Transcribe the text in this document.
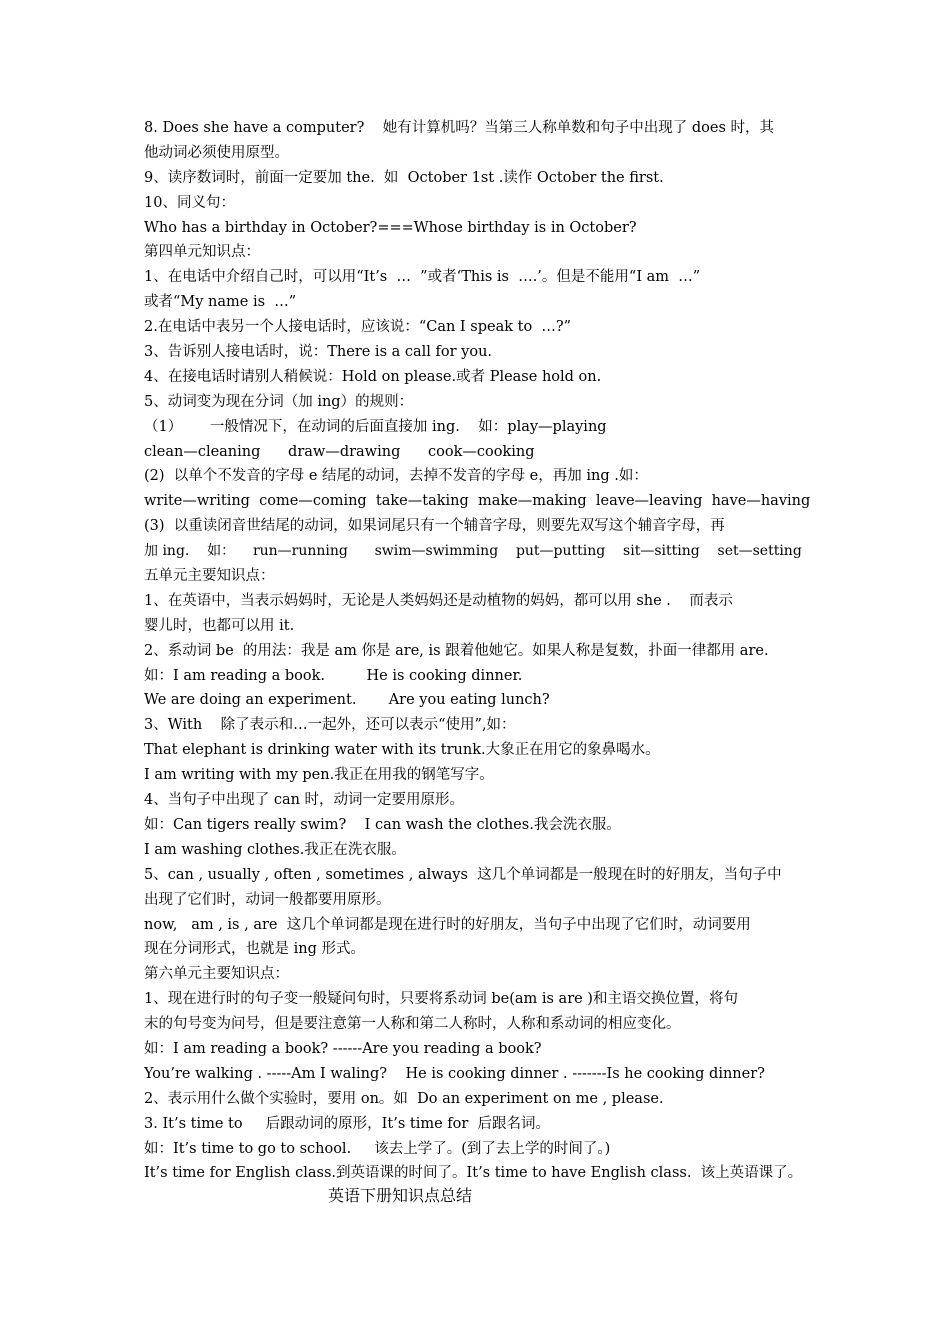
8. Does she have a computer?    她有计算机吗？当第三人称单数和句子中出现了 does 时，其
他动词必须使用原型。
9、读序数词时，前面一定要加 the.  如  October 1st .读作 October the first.
10、同义句：
Who has a birthday in October?===Whose birthday is in October?
第四单元知识点：
1、在电话中介绍自己时，可以用“It’s  …  ”或者‘This is  ….’。但是不能用“I am  …”
或者“My name is  …”
2.在电话中表另一个人接电话时，应该说：“Can I speak to  …?”
3、告诉别人接电话时，说：There is a call for you.
4、在接电话时请别人稍候说：Hold on please.或者 Please hold on.
5、动词变为现在分词（加 ing）的规则：
（1）      一般情况下，在动词的后面直接加 ing.    如：play—playing
clean—cleaning      draw—drawing      cook—cooking
(2)  以单个不发音的字母 e 结尾的动词，去掉不发音的字母 e，再加 ing .如：
write—writing  come—coming  take—taking  make—making  leave—leaving  have—having
(3)  以重读闭音世结尾的动词，如果词尾只有一个辅音字母，则要先双写这个辅音字母，再
加 ing.    如：    run—running      swim—swimming    put—putting    sit—sitting    set—setting
五单元主要知识点：
1、在英语中，当表示妈妈时，无论是人类妈妈还是动植物的妈妈，都可以用 she .    而表示
婴儿时，也都可以用 it.
2、系动词 be  的用法：我是 am 你是 are, is 跟着他她它。如果人称是复数，扑面一律都用 are.
如：I am reading a book.         He is cooking dinner.
We are doing an experiment.       Are you eating lunch?
3、With    除了表示和…一起外，还可以表示“使用”,如：
That elephant is drinking water with its trunk.大象正在用它的象鼻喝水。
I am writing with my pen.我正在用我的钢笔写字。
4、当句子中出现了 can 时，动词一定要用原形。
如：Can tigers really swim?    I can wash the clothes.我会洗衣服。
I am washing clothes.我正在洗衣服。
5、can , usually , often , sometimes , always  这几个单词都是一般现在时的好朋友，当句子中
出现了它们时，动词一般都要用原形。
now,   am , is , are  这几个单词都是现在进行时的好朋友，当句子中出现了它们时，动词要用
现在分词形式，也就是 ing 形式。
第六单元主要知识点：
1、现在进行时的句子变一般疑问句时，只要将系动词 be(am is are )和主语交换位置，将句
末的句号变为问号，但是要注意第一人称和第二人称时，人称和系动词的相应变化。
如：I am reading a book? ------Are you reading a book?
You’re walking . -----Am I waling?    He is cooking dinner . -------Is he cooking dinner?
2、表示用什么做个实验时，要用 on。如  Do an experiment on me , please.
3. It’s time to     后跟动词的原形，It’s time for  后跟名词。
如：It’s time to go to school.     该去上学了。(到了去上学的时间了。)
It’s time for English class.到英语课的时间了。It’s time to have English class.  该上英语课了。
英语下册知识点总结
